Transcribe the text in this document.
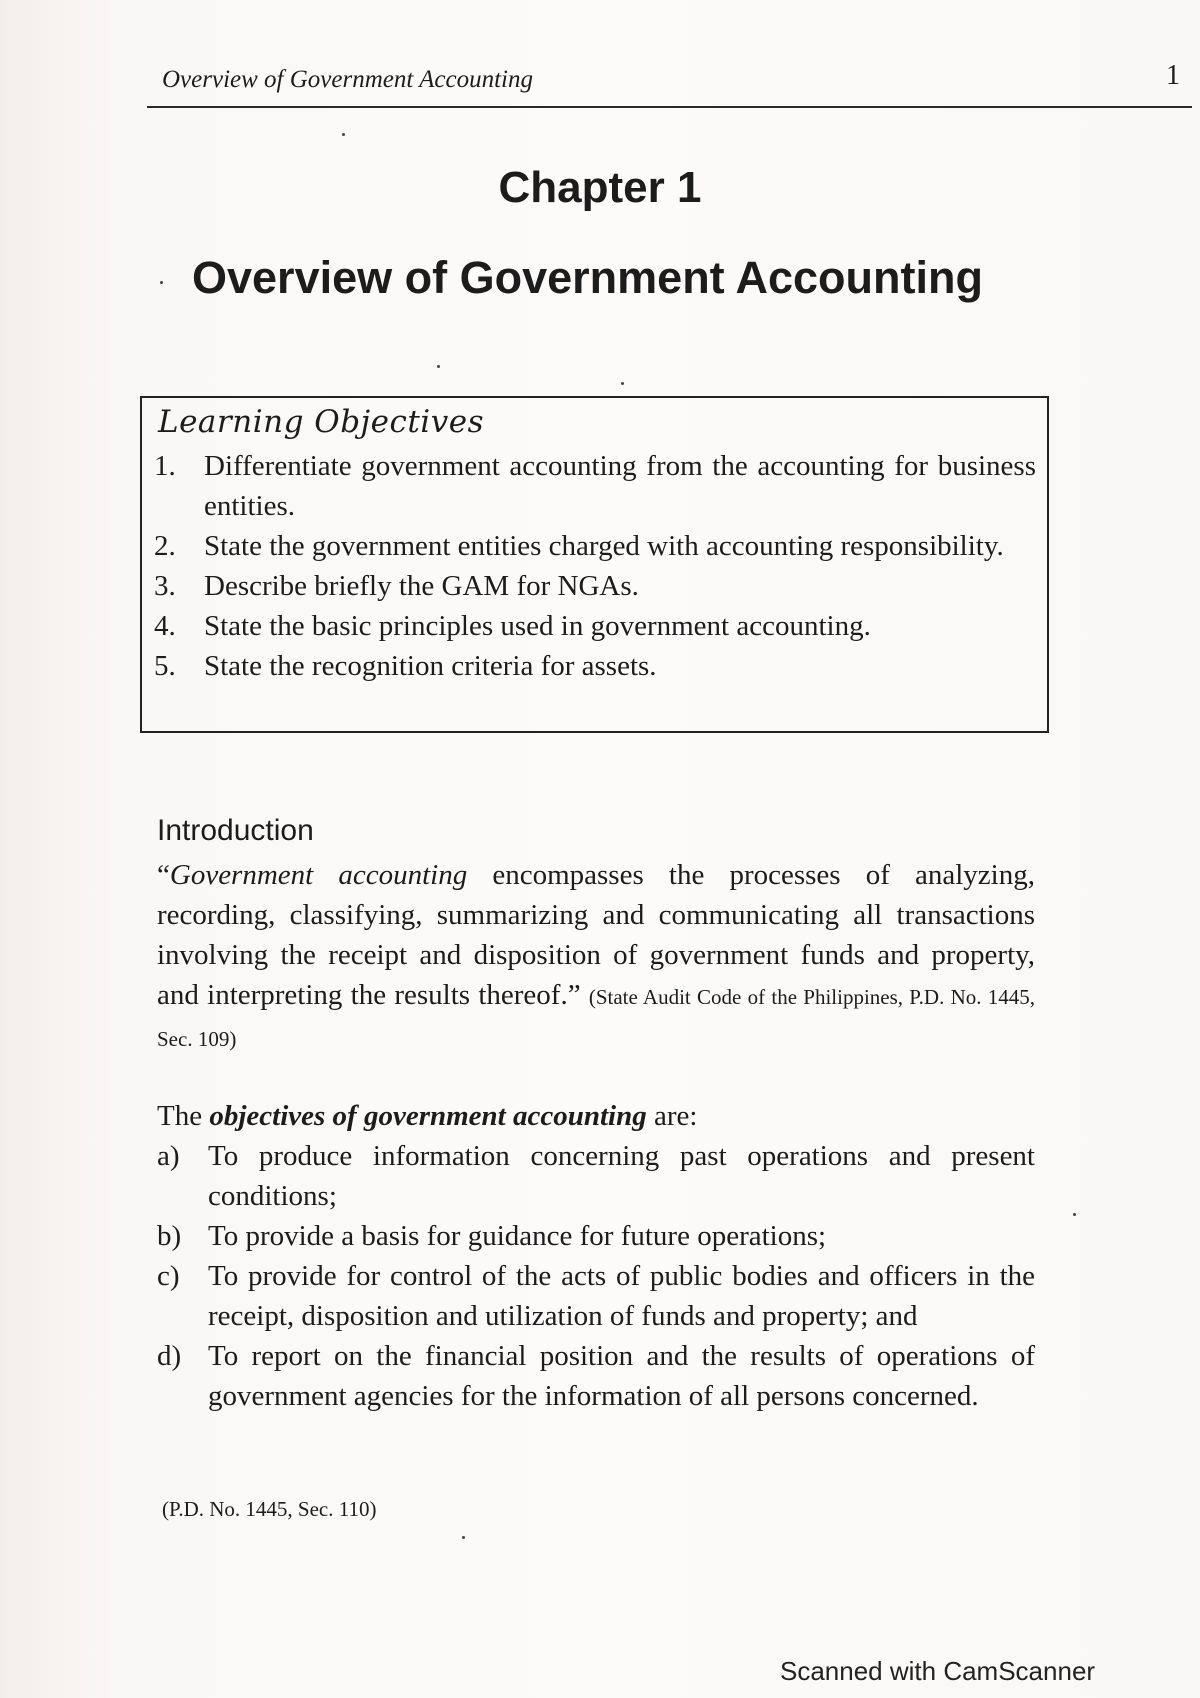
Overview of Government Accounting	1
Chapter 1
Overview of Government Accounting
Learning Objectives
1. Differentiate government accounting from the accounting for business entities.
2. State the government entities charged with accounting responsibility.
3. Describe briefly the GAM for NGAs.
4. State the basic principles used in government accounting.
5. State the recognition criteria for assets.
Introduction

“Government accounting encompasses the processes of analyzing, recording, classifying, summarizing and communicating all transactions involving the receipt and disposition of government funds and property, and interpreting the results thereof.” (State Audit Code of the Philippines, P.D. No. 1445, Sec. 109)

The objectives of government accounting are:
a) To produce information concerning past operations and present conditions;
b) To provide a basis for guidance for future operations;
c) To provide for control of the acts of public bodies and officers in the receipt, disposition and utilization of funds and property; and
d) To report on the financial position and the results of operations of government agencies for the information of all persons concerned.
(P.D. No. 1445, Sec. 110)
Scanned with CamScanner
